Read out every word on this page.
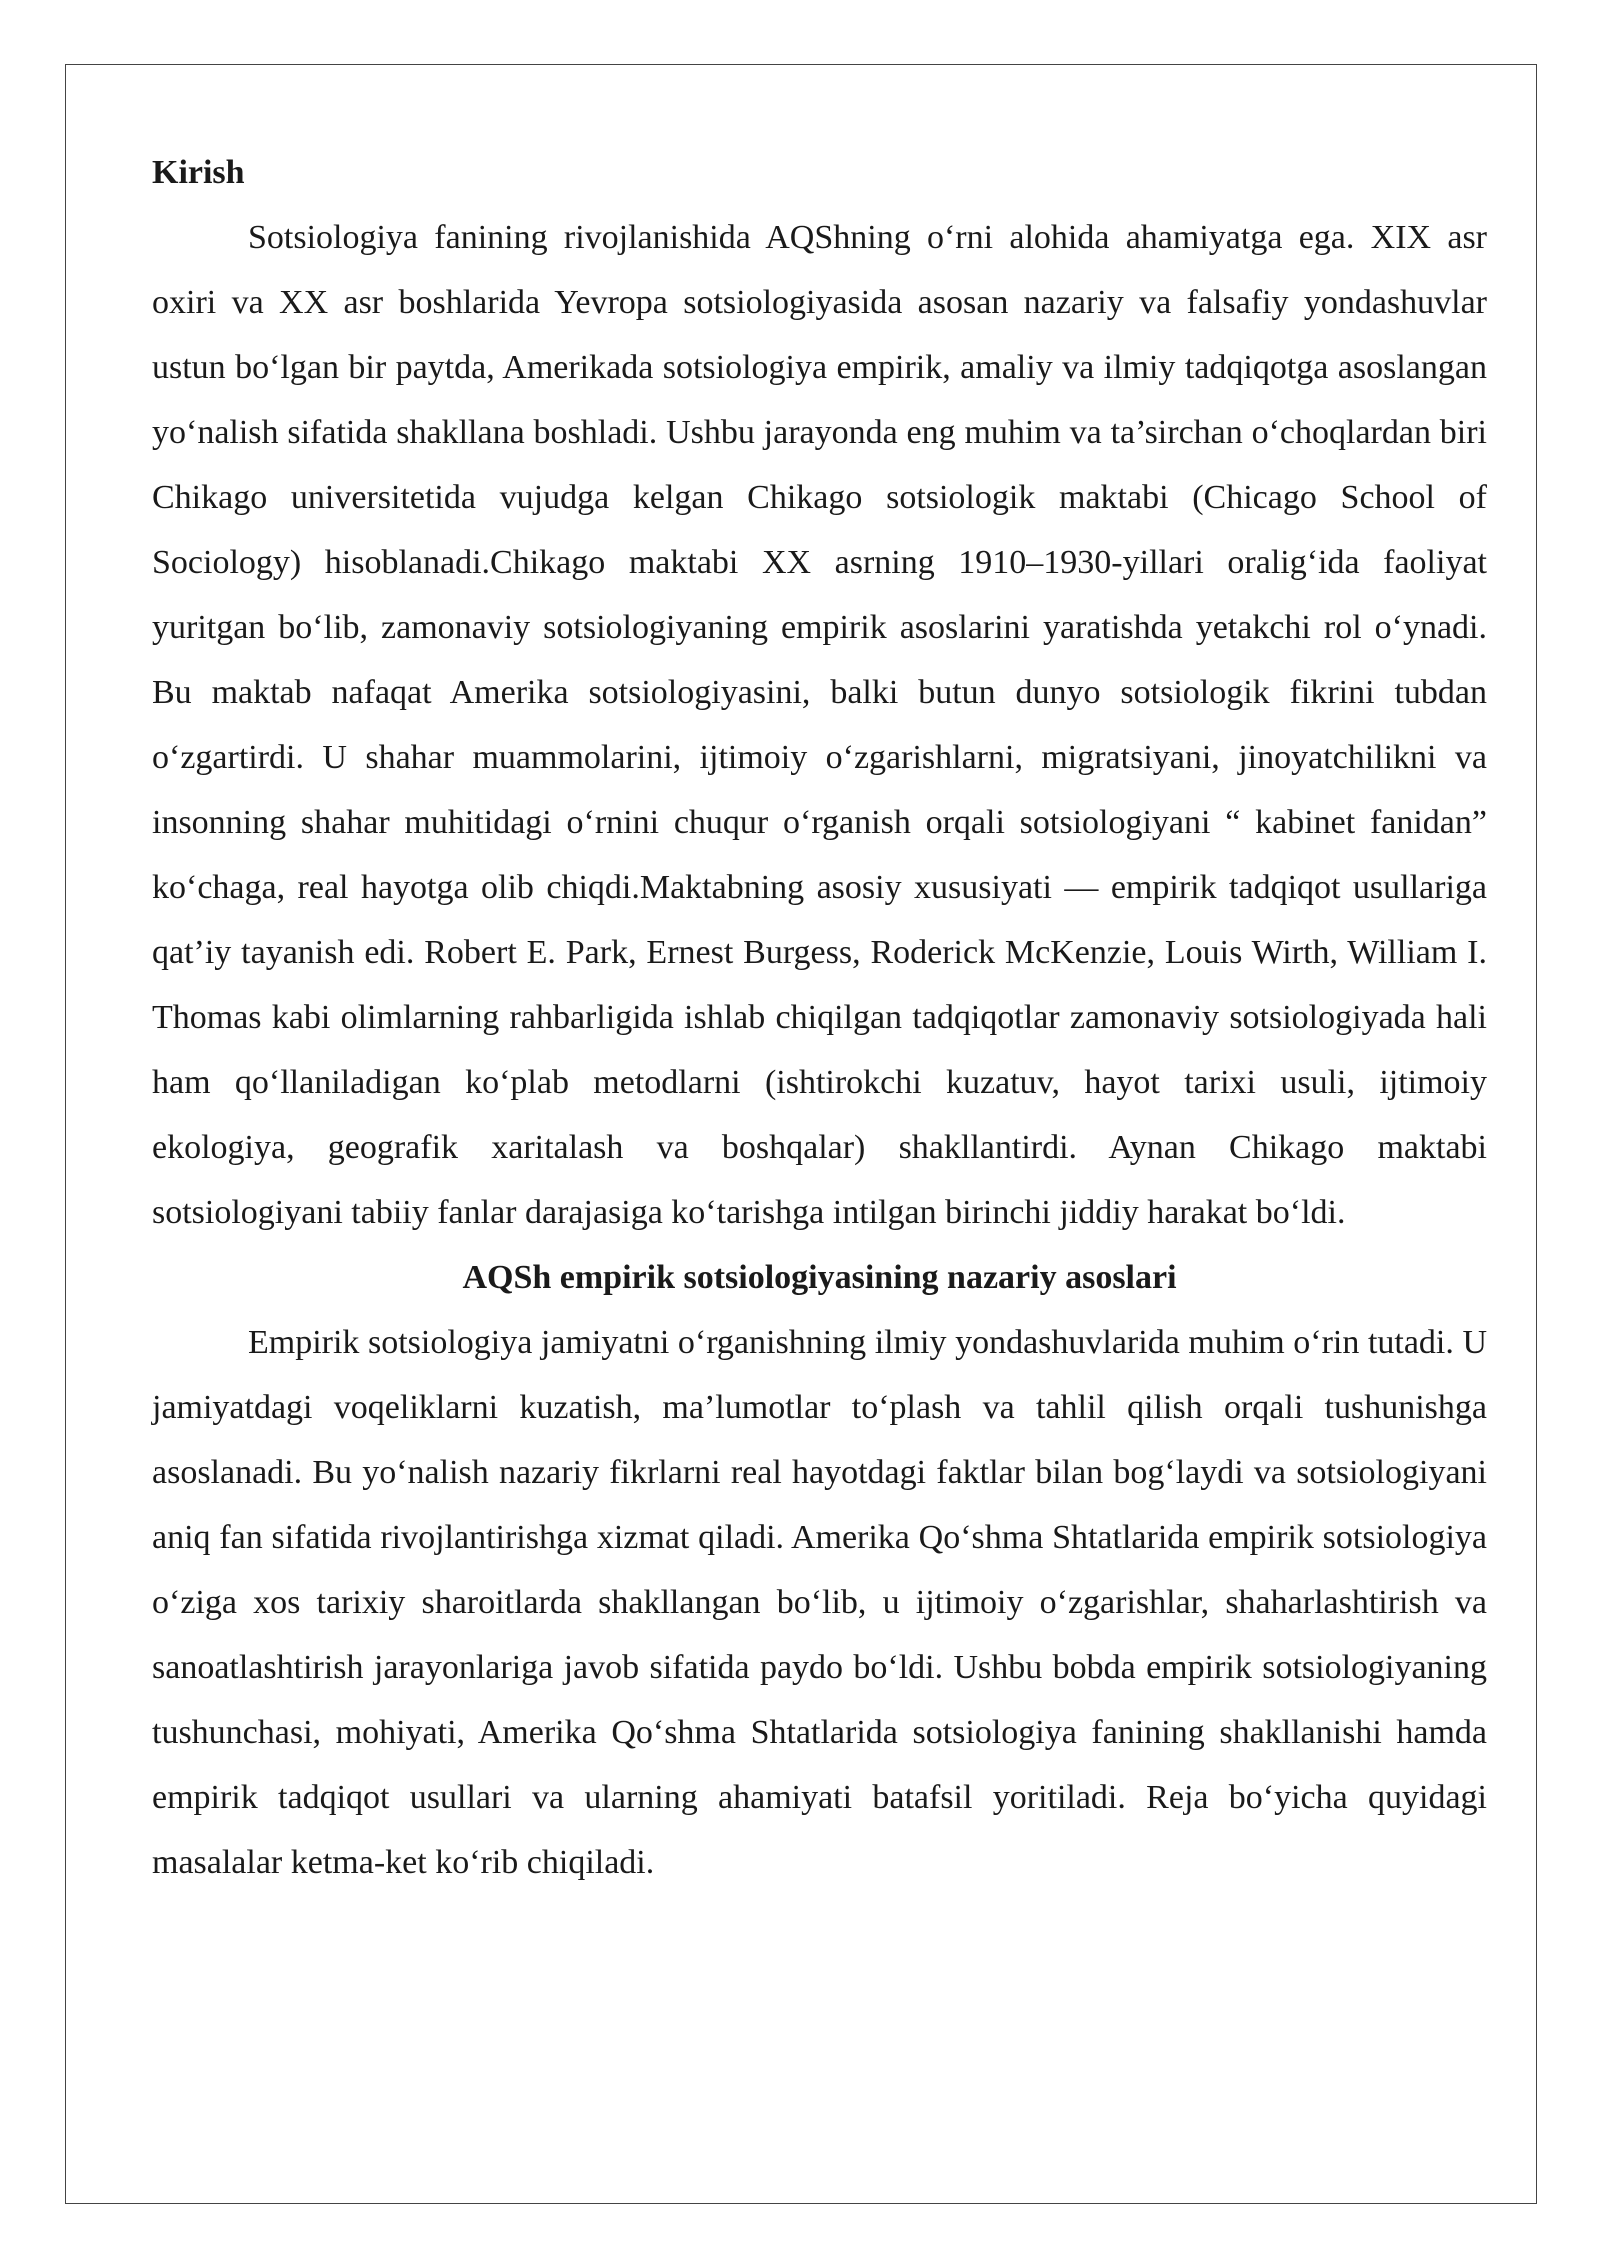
Kirish

Sotsiologiya fanining rivojlanishida AQShning o‘rni alohida ahamiyatga ega. XIX asr oxiri va XX asr boshlarida Yevropa sotsiologiyasida asosan nazariy va falsafiy yondashuvlar ustun bo‘lgan bir paytda, Amerikada sotsiologiya empirik, amaliy va ilmiy tadqiqotga asoslangan yo‘nalish sifatida shakllana boshladi. Ushbu jarayonda eng muhim va ta’sirchan o‘choqlardan biri Chikago universitetida vujudga kelgan Chikago sotsiologik maktabi (Chicago School of Sociology) hisoblanadi.Chikago maktabi XX asrning 1910–1930-yillari oralig‘ida faoliyat yuritgan bo‘lib, zamonaviy sotsiologiyaning empirik asoslarini yaratishda yetakchi rol o‘ynadi. Bu maktab nafaqat Amerika sotsiologiyasini, balki butun dunyo sotsiologik fikrini tubdan o‘zgartirdi. U shahar muammolarini, ijtimoiy o‘zgarishlarni, migratsiyani, jinoyatchilikni va insonning shahar muhitidagi o‘rnini chuqur o‘rganish orqali sotsiologiyani “ kabinet fanidan” ko‘chaga, real hayotga olib chiqdi.Maktabning asosiy xususiyati — empirik tadqiqot usullariga qat’iy tayanish edi. Robert E. Park, Ernest Burgess, Roderick McKenzie, Louis Wirth, William I. Thomas kabi olimlarning rahbarligida ishlab chiqilgan tadqiqotlar zamonaviy sotsiologiyada hali ham qo‘llaniladigan ko‘plab metodlarni (ishtirokchi kuzatuv, hayot tarixi usuli, ijtimoiy ekologiya, geografik xaritalash va boshqalar) shakllantirdi. Aynan Chikago maktabi sotsiologiyani tabiiy fanlar darajasiga ko‘tarishga intilgan birinchi jiddiy harakat bo‘ldi.

AQSh empirik sotsiologiyasining nazariy asoslari

Empirik sotsiologiya jamiyatni o‘rganishning ilmiy yondashuvlarida muhim o‘rin tutadi. U jamiyatdagi voqeliklarni kuzatish, ma’lumotlar to‘plash va tahlil qilish orqali tushunishga asoslanadi. Bu yo‘nalish nazariy fikrlarni real hayotdagi faktlar bilan bog‘laydi va sotsiologiyani aniq fan sifatida rivojlantirishga xizmat qiladi. Amerika Qo‘shma Shtatlarida empirik sotsiologiya o‘ziga xos tarixiy sharoitlarda shakllangan bo‘lib, u ijtimoiy o‘zgarishlar, shaharlashtirish va sanoatlashtirish jarayonlariga javob sifatida paydo bo‘ldi. Ushbu bobda empirik sotsiologiyaning tushunchasi, mohiyati, Amerika Qo‘shma Shtatlarida sotsiologiya fanining shakllanishi hamda empirik tadqiqot usullari va ularning ahamiyati batafsil yoritiladi. Reja bo‘yicha quyidagi masalalar ketma-ket ko‘rib chiqiladi.
